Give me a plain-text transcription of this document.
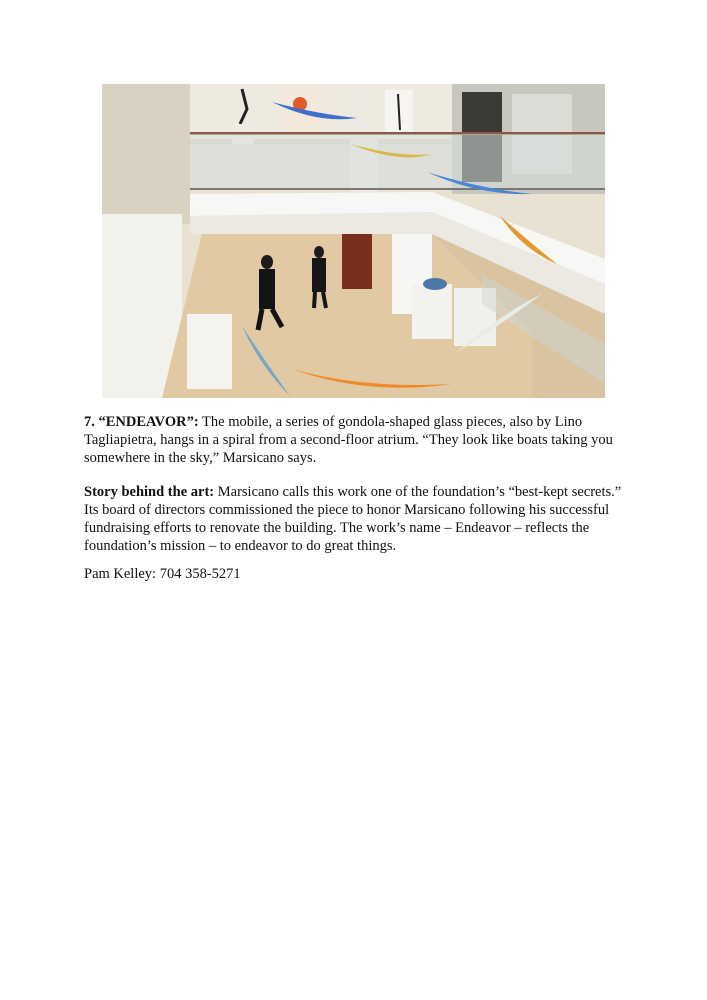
7. “ENDEAVOR”: The mobile, a series of gondola-shaped glass pieces, also by Lino Tagliapietra, hangs in a spiral from a second-floor atrium. “They look like boats taking you somewhere in the sky,” Marsicano says.

Story behind the art: Marsicano calls this work one of the foundation’s “best-kept secrets.” Its board of directors commissioned the piece to honor Marsicano following his successful fundraising efforts to renovate the building. The work’s name – Endeavor – reflects the foundation’s mission – to endeavor to do great things.

Pam Kelley: 704 358-5271
